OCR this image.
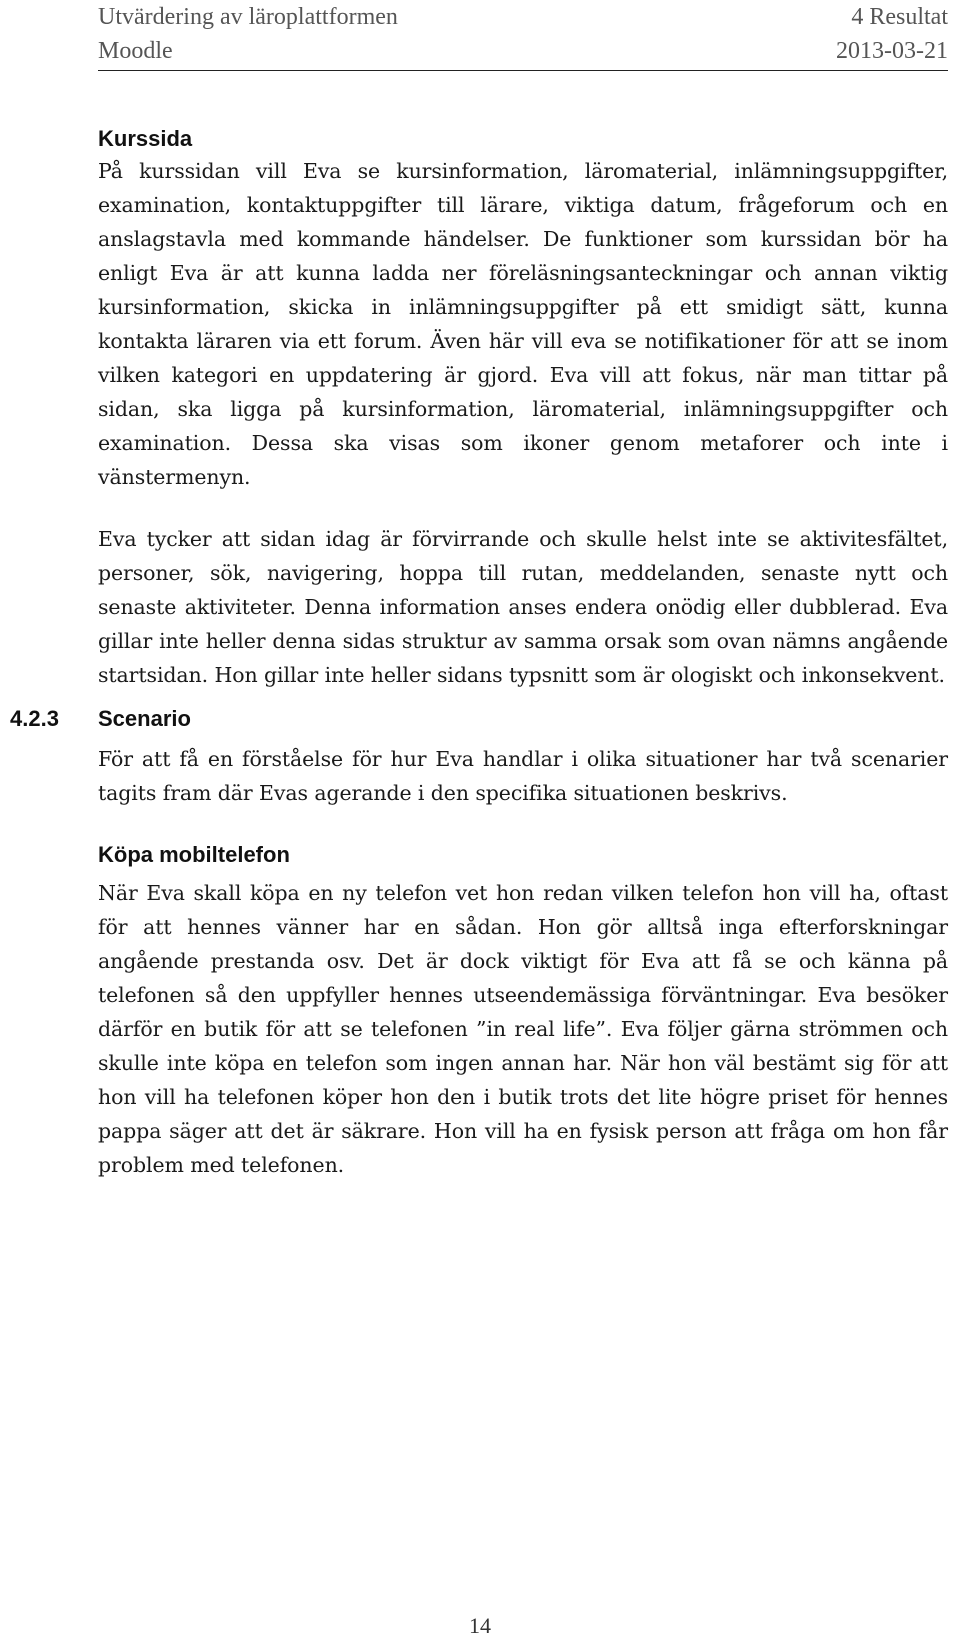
Utvärdering av läroplattformen	4 Resultat
Moodle	2013-03-21
Kurssida

På kurssidan vill Eva se kursinformation, läromaterial, inlämningsuppgifter, examination, kontaktuppgifter till lärare, viktiga datum, frågeforum och en anslagstavla med kommande händelser. De funktioner som kurssidan bör ha enligt Eva är att kunna ladda ner föreläsningsanteckningar och annan viktig kursinformation, skicka in inlämningsuppgifter på ett smidigt sätt, kunna kontakta läraren via ett forum. Även här vill eva se notifikationer för att se inom vilken kategori en uppdatering är gjord. Eva vill att fokus, när man tittar på sidan, ska ligga på kursinformation, läromaterial, inlämningsuppgifter och examination. Dessa ska visas som ikoner genom metaforer och inte i vänstermenyn.

Eva tycker att sidan idag är förvirrande och skulle helst inte se aktivitesfältet, personer, sök, navigering, hoppa till rutan, meddelanden, senaste nytt och senaste aktiviteter. Denna information anses endera onödig eller dubblerad. Eva gillar inte heller denna sidas struktur av samma orsak som ovan nämns angående startsidan. Hon gillar inte heller sidans typsnitt som är ologiskt och inkonsekvent.

4.2.3 Scenario

För att få en förståelse för hur Eva handlar i olika situationer har två scenarier tagits fram där Evas agerande i den specifika situationen beskrivs.

Köpa mobiltelefon

När Eva skall köpa en ny telefon vet hon redan vilken telefon hon vill ha, oftast för att hennes vänner har en sådan. Hon gör alltså inga efterforskningar angående prestanda osv. Det är dock viktigt för Eva att få se och känna på telefonen så den uppfyller hennes utseendemässiga förväntningar. Eva besöker därför en butik för att se telefonen ”in real life”. Eva följer gärna strömmen och skulle inte köpa en telefon som ingen annan har. När hon väl bestämt sig för att hon vill ha telefonen köper hon den i butik trots det lite högre priset för hennes pappa säger att det är säkrare. Hon vill ha en fysisk person att fråga om hon får problem med telefonen.

14
